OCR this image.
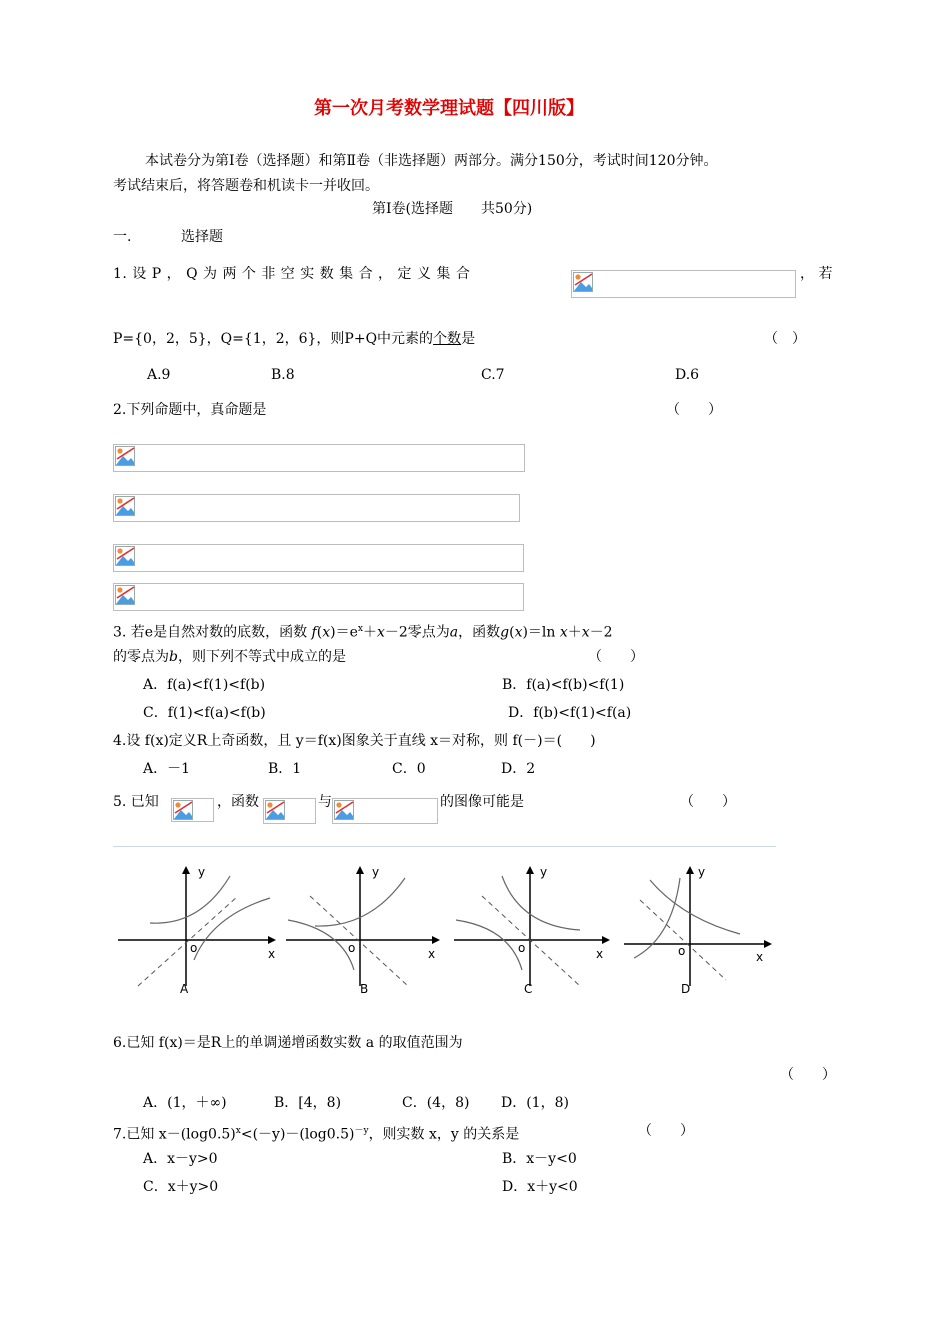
第一次月考数学理试题【四川版】
本试卷分为第Ⅰ卷（选择题）和第Ⅱ卷（非选择题）两部分。满分150分，考试时间120分钟。
考试结束后，将答题卷和机读卡一并收回。
第Ⅰ卷(选择题　　共50分)
一.	选择题
1. 设 P ， Q 为 两 个 非 空 实 数 集 合 ， 定 义 集 合	， 若
P={0，2，5}，Q={1，2，6}，则P+Q中元素的个数是	（　）
A.9	B.8	C.7	D.6
2.下列命题中，真命题是	（　　）
3. 若e是自然对数的底数，函数 $f(x)=e^x+x-2$零点为a，函数g(x)＝ln x＋x－2
的零点为b，则下列不等式中成立的是	（　　）
A．f(a)<f(1)<f(b)	B．f(a)<f(b)<f(1)
C．f(1)<f(a)<f(b)	D．f(b)<f(1)<f(a)
4.设 f(x)定义R上奇函数，且 y＝f(x)图象关于直线 x＝对称，则 f(－)＝(　　)
A．－1	B．1	C．0	D．2
5. 已知	，函数	与	的图像可能是	（　　）
y
x
o
A
y
x
o
B
y
x
o
C
y
x
o
D
6.已知 f(x)＝是R上的单调递增函数实数 a 的取值范围为
（　　）
A．(1，＋∞)	B．[4，8)	C．(4，8) D．(1，8)
7.已知 $x-(\log 0.5)^x<(-y)-(\log 0.5)^{-y}$，则实数 x，y 的关系是	（　　）
A．x－y>0	B．x－y<0
C．x＋y>0	D．x＋y<0
